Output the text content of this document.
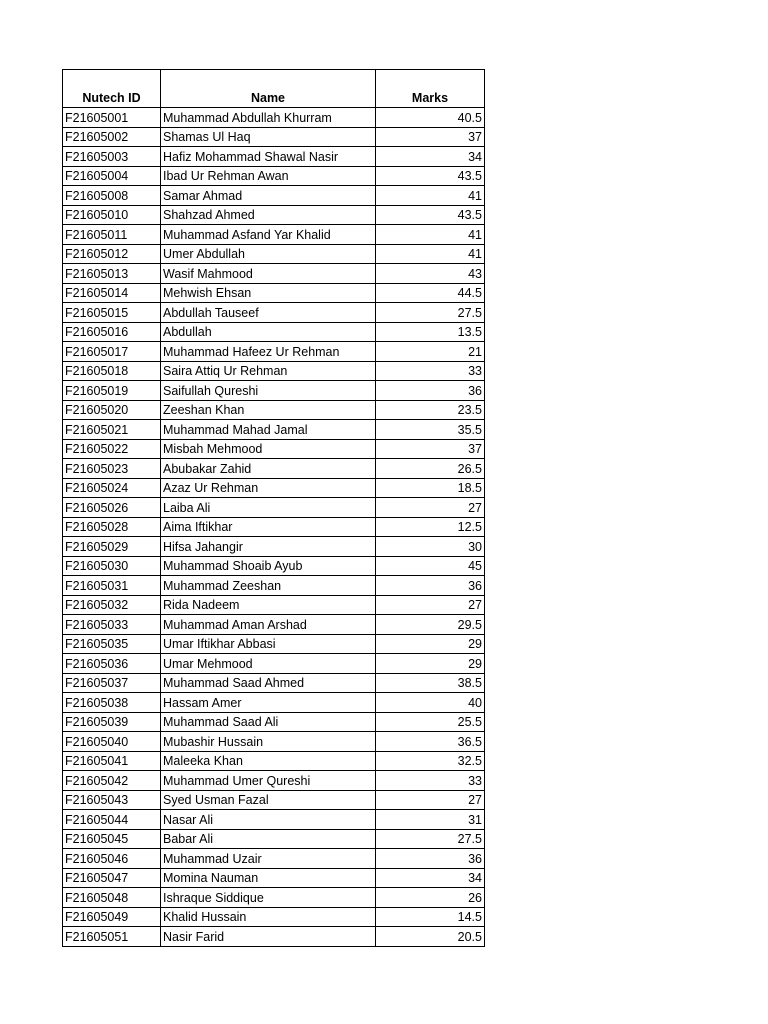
Nutech ID	Name	Marks
F21605001	Muhammad Abdullah Khurram	40.5
F21605002	Shamas Ul Haq	37
F21605003	Hafiz Mohammad Shawal Nasir	34
F21605004	Ibad Ur Rehman Awan	43.5
F21605008	Samar Ahmad	41
F21605010	Shahzad Ahmed	43.5
F21605011	Muhammad Asfand Yar Khalid	41
F21605012	Umer Abdullah	41
F21605013	Wasif Mahmood	43
F21605014	Mehwish Ehsan	44.5
F21605015	Abdullah Tauseef	27.5
F21605016	Abdullah	13.5
F21605017	Muhammad Hafeez Ur Rehman	21
F21605018	Saira Attiq Ur Rehman	33
F21605019	Saifullah Qureshi	36
F21605020	Zeeshan Khan	23.5
F21605021	Muhammad Mahad Jamal	35.5
F21605022	Misbah Mehmood	37
F21605023	Abubakar Zahid	26.5
F21605024	Azaz Ur Rehman	18.5
F21605026	Laiba Ali	27
F21605028	Aima Iftikhar	12.5
F21605029	Hifsa Jahangir	30
F21605030	Muhammad Shoaib Ayub	45
F21605031	Muhammad Zeeshan	36
F21605032	Rida Nadeem	27
F21605033	Muhammad Aman Arshad	29.5
F21605035	Umar Iftikhar Abbasi	29
F21605036	Umar Mehmood	29
F21605037	Muhammad Saad Ahmed	38.5
F21605038	Hassam Amer	40
F21605039	Muhammad Saad Ali	25.5
F21605040	Mubashir Hussain	36.5
F21605041	Maleeka Khan	32.5
F21605042	Muhammad Umer Qureshi	33
F21605043	Syed Usman Fazal	27
F21605044	Nasar Ali	31
F21605045	Babar Ali	27.5
F21605046	Muhammad Uzair	36
F21605047	Momina Nauman	34
F21605048	Ishraque Siddique	26
F21605049	Khalid Hussain	14.5
F21605051	Nasir Farid	20.5
